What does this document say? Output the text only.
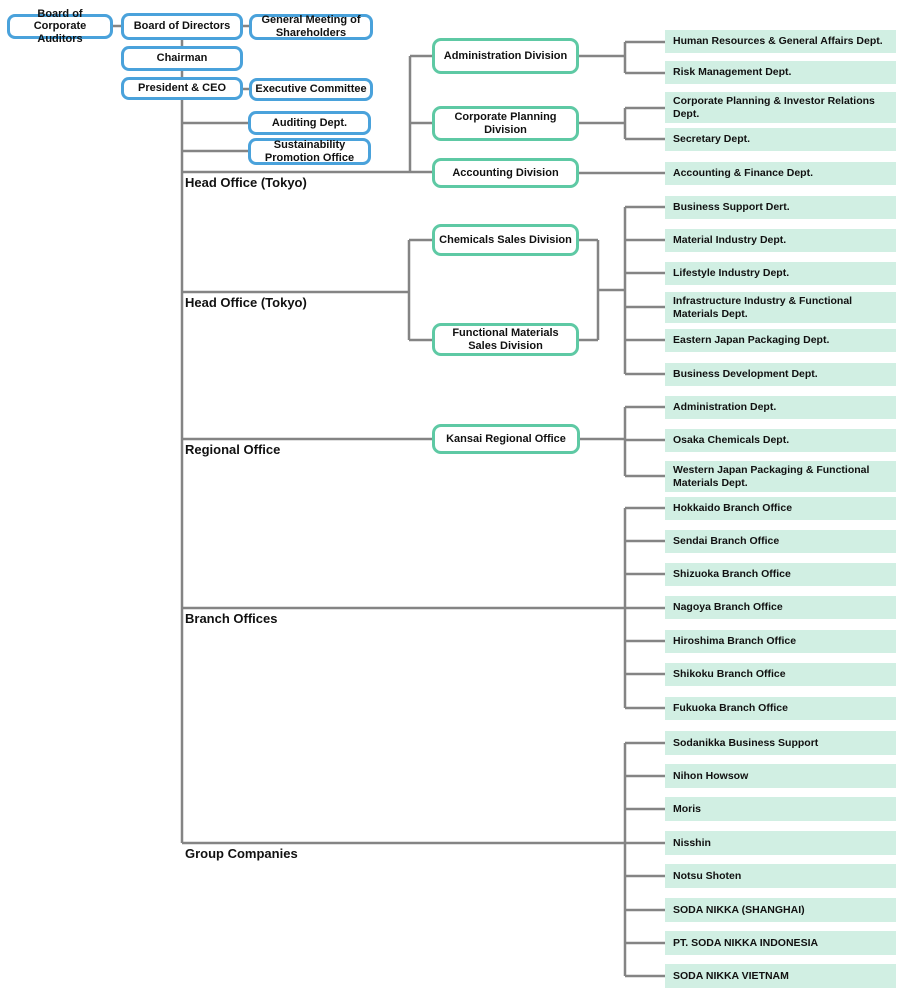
Board of Corporate Auditors
Board of Directors	General Meeting of Shareholders
Chairman
President & CEO	Executive Committee
Auditing Dept.
Sustainability Promotion Office
Head Office (Tokyo)
Head Office (Tokyo)
Regional Office
Branch Offices
Group Companies
Administration Division
Corporate Planning Division
Accounting Division
Chemicals Sales Division
Functional Materials Sales Division
Kansai Regional Office
Human Resources & General Affairs Dept.
Risk Management Dept.
Corporate Planning & Investor Relations Dept.
Secretary Dept.
Accounting & Finance Dept.
Business Support Dert.
Material Industry Dept.
Lifestyle Industry Dept.
Infrastructure Industry & Functional Materials Dept.
Eastern Japan Packaging Dept.
Business Development Dept.
Administration Dept.
Osaka Chemicals Dept.
Western Japan Packaging & Functional Materials Dept.
Hokkaido Branch Office
Sendai Branch Office
Shizuoka Branch Office
Nagoya Branch Office
Hiroshima Branch Office
Shikoku Branch Office
Fukuoka Branch Office
Sodanikka Business Support
Nihon Howsow
Moris
Nisshin
Notsu Shoten
SODA NIKKA (SHANGHAI)
PT. SODA NIKKA INDONESIA
SODA NIKKA VIETNAM
